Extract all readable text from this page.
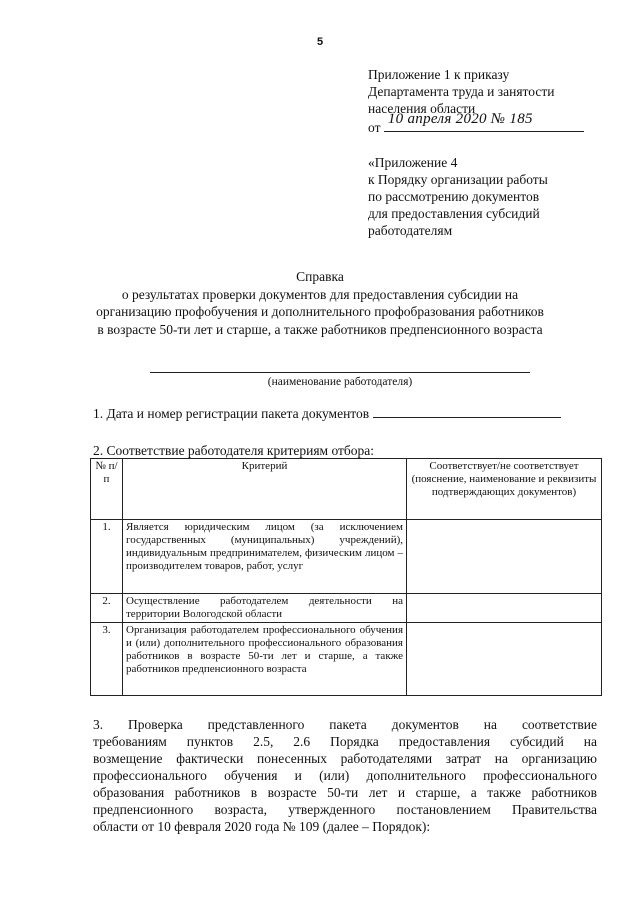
5
Приложение 1 к приказу
Департамента труда и занятости
населения области
от
10 апреля 2020 № 185
«Приложение 4
к Порядку организации работы
по рассмотрению документов
для предоставления субсидий
работодателям
Справка
о результатах проверки документов для предоставления субсидии на
организацию профобучения и дополнительного профобразования работников
в возрасте 50-ти лет и старше, а также работников предпенсионного возраста
(наименование работодателя)
1. Дата и номер регистрации пакета документов
2. Соответствие работодателя критериям отбора:
№ п/п	Критерий	Соответствует/не соответствует (пояснение, наименование и реквизиты подтверждающих документов)
1.	Является юридическим лицом (за исключением государственных (муниципальных) учреждений), индивидуальным предпринимателем, физическим лицом – производителем товаров, работ, услуг	
2.	Осуществление работодателем деятельности на территории Вологодской области	
3.	Организация работодателем профессионального обучения и (или) дополнительного профессионального образования работников в возрасте 50-ти лет и старше, а также работников предпенсионного возраста	
3. Проверка представленного пакета документов на соответствие
требованиям пунктов 2.5, 2.6 Порядка предоставления субсидий на
возмещение фактически понесенных работодателями затрат на организацию
профессионального обучения и (или) дополнительного профессионального
образования работников в возрасте 50-ти лет и старше, а также работников
предпенсионного возраста, утвержденного постановлением Правительства
области от 10 февраля 2020 года № 109 (далее – Порядок):
